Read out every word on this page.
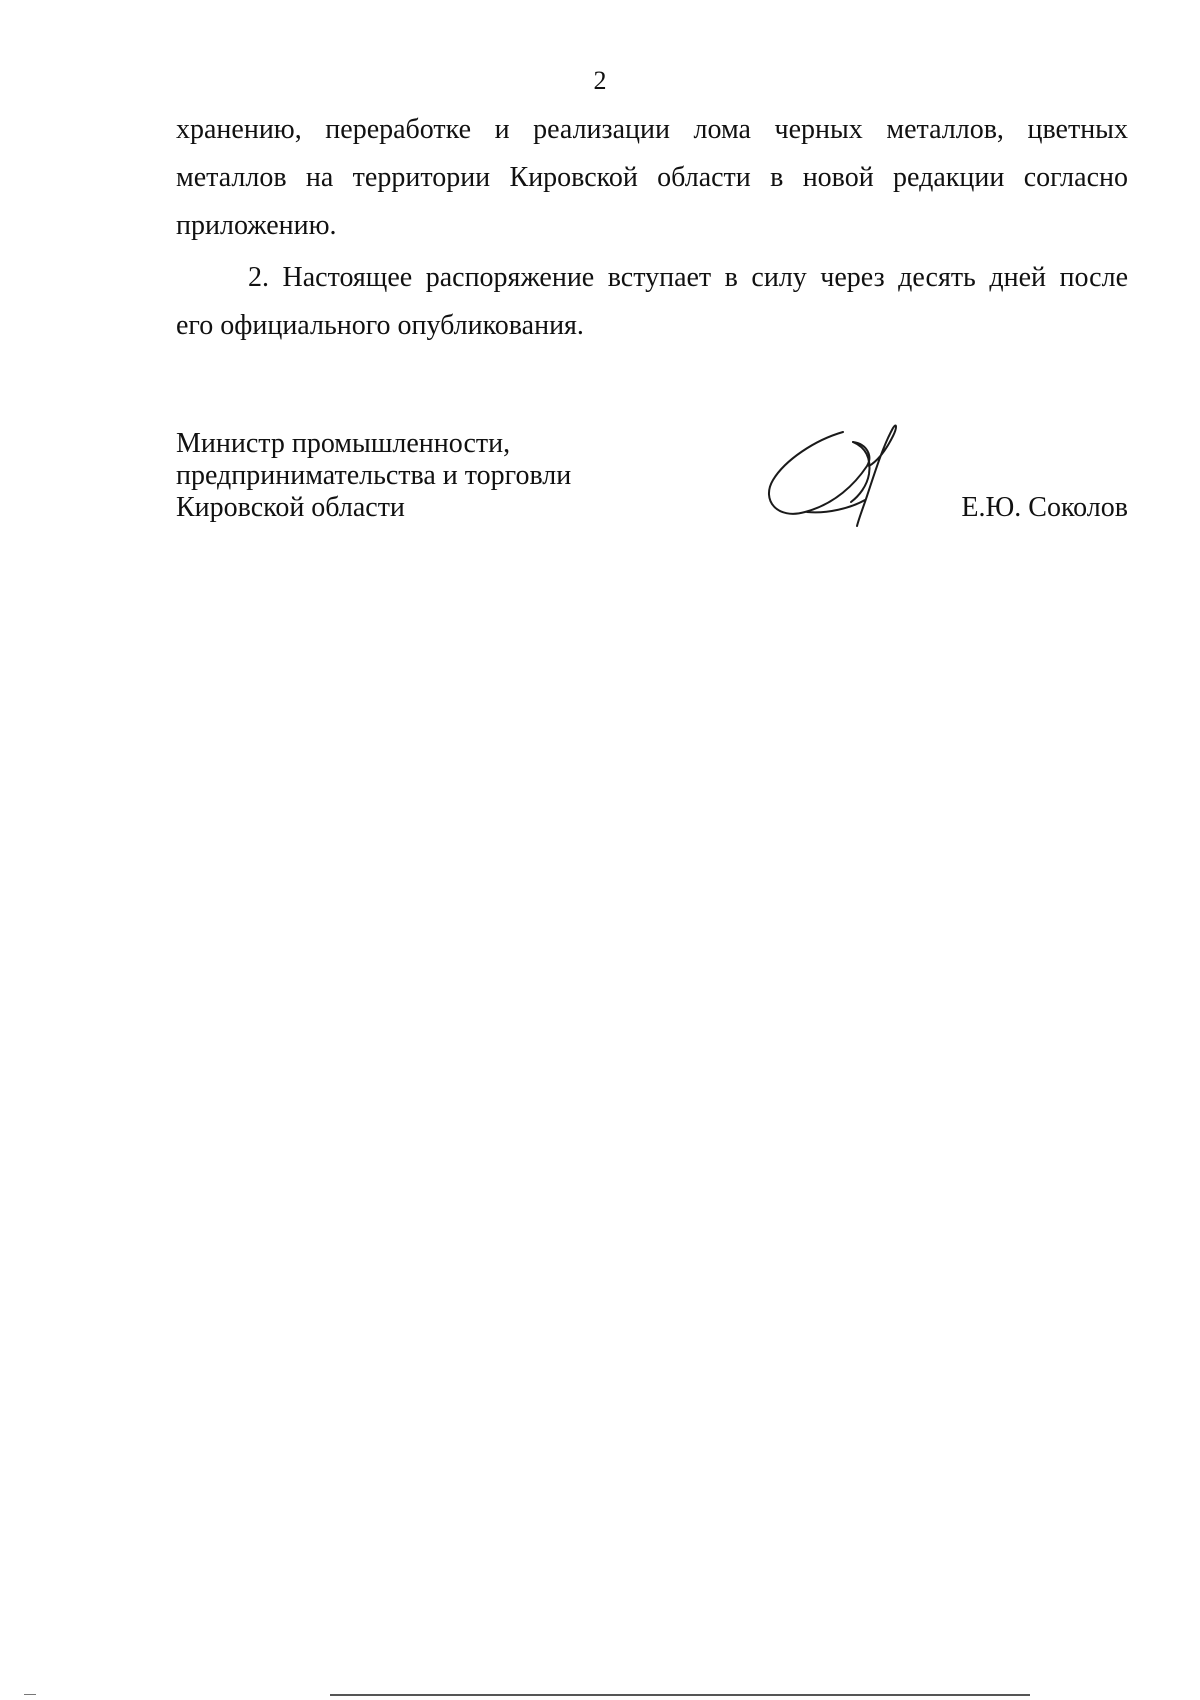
2
хранению, переработке и реализации лома черных металлов, цветных
металлов на территории Кировской области в новой редакции согласно
приложению.
2. Настоящее распоряжение вступает в силу через десять дней после
его официального опубликования.
Министр промышленности,
предпринимательства и торговли
Кировской области	Е.Ю. Соколов
